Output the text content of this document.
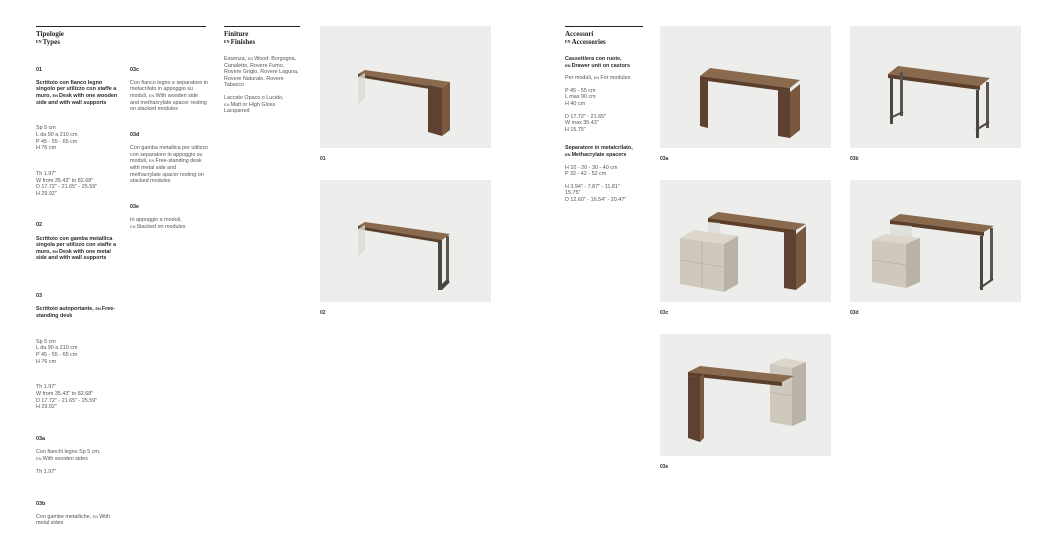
Tipologie
$^{EN}$Types

01

Scrittoio con fianco legno singolo per utilizzo con staffe a muro, $^{EN}$Desk with one wooden side and with wall supports

Sp 5 cm
L da 90 a 210 cm
P 45 - 55 - 65 cm
H 76 cm

Th 1.97"
W from 35.43" to 82.68"
D 17.72" - 21.65" - 25.59"
H 29.92"

02

Scrittoio con gamba metallica singola per utilizzo con staffe a muro, $^{EN}$Desk with one metal side and with wall supports

03

Scrittoio autoportante, $^{EN}$Free-standing desk

Sp 5 cm
L da 90 a 210 cm
P 45 - 55 - 65 cm
H 76 cm

Th 1.97"
W from 35.43" to 82.68"
D 17.72" - 21.65" - 25.59"
H 29.92"

03a

Con fianchi legno Sp 5 cm, $^{EN}$With wooden sides

Th 1.97"

03b

Con gambe metalliche, $^{EN}$With metal sides

03c

Con fianco legno e separatore in metacrilato in appoggio su moduli, $^{EN}$With wooden side and methacrylate spacer resting on stacked modules

03d

Con gamba metallica per utilizzo con separatore in appoggio su moduli, $^{EN}$Free-standing desk with metal side and methacrylate spacer resting on stacked modules

03e

In appoggio a moduli, $^{EN}$Stacked on modules

Finiture
$^{EN}$Finishes
Essenza, $^{EN}$Wood: Borgogna, Canaletto, Rovere Fumo, Rovere Grigio, Rovere Laguna, Rovere Naturale, Rovere Tabacco
Laccato Opaco o Lucido, $^{EN}$Matt or High Gloss Lacquered
Accessori
$^{EN}$Accessories
Cassettiera con ruote, $^{EN}$Drawer unit on castors
Per moduli, $^{EN}$For modules
P 45 - 55 cm
L max 90 cm
H 40 cm
D 17.72" - 21.65"
W max 35.43"
H 15.75"
Separatore in metalcrilato, $^{EN}$Methacrylate spacers
H 10 - 20 - 30 - 40 cm
P 32 - 42 - 52 cm
H 3.94" - 7.87" - 11.81"
15.75"
D 12.60" - 16.54" - 20.47"
01
02
03a	03b
03c	03d
03e
